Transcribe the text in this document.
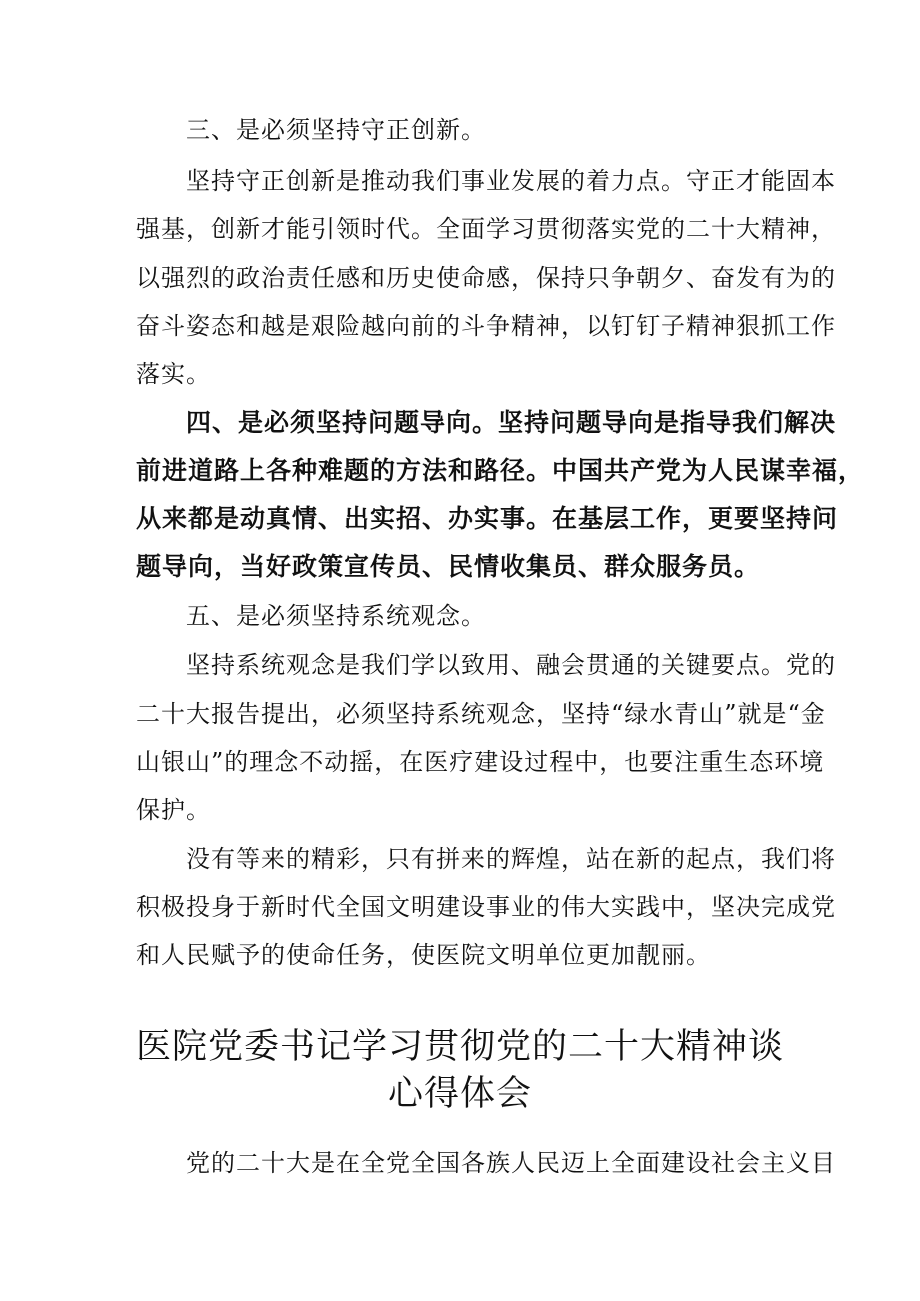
三、是必须坚持守正创新。
坚持守正创新是推动我们事业发展的着力点。守正才能固本
强基，创新才能引领时代。全面学习贯彻落实党的二十大精神，
以强烈的政治责任感和历史使命感，保持只争朝夕、奋发有为的
奋斗姿态和越是艰险越向前的斗争精神，以钉钉子精神狠抓工作
落实。
四、是必须坚持问题导向。坚持问题导向是指导我们解决
前进道路上各种难题的方法和路径。中国共产党为人民谋幸福，
从来都是动真情、出实招、办实事。在基层工作，更要坚持问
题导向，当好政策宣传员、民情收集员、群众服务员。
五、是必须坚持系统观念。
坚持系统观念是我们学以致用、融会贯通的关键要点。党的
二十大报告提出，必须坚持系统观念，坚持“绿水青山”就是“金
山银山”的理念不动摇，在医疗建设过程中，也要注重生态环境
保护。
没有等来的精彩，只有拼来的辉煌，站在新的起点，我们将
积极投身于新时代全国文明建设事业的伟大实践中，坚决完成党
和人民赋予的使命任务，使医院文明单位更加靓丽。
医院党委书记学习贯彻党的二十大精神谈
心得体会
党的二十大是在全党全国各族人民迈上全面建设社会主义目
